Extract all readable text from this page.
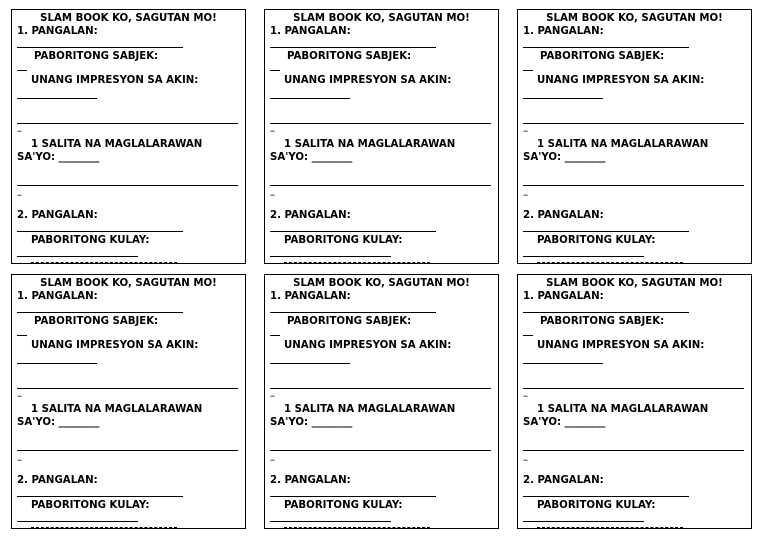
SLAM BOOK KO, SAGUTAN MO!
1. PANGALAN:
PABORITONG SABJEK:
UNANG IMPRESYON SA AKIN:
–
1 SALITA NA MAGLALARAWAN
SA'YO: ________
–
2. PANGALAN:
PABORITONG KULAY:
SLAM BOOK KO, SAGUTAN MO!
1. PANGALAN:
PABORITONG SABJEK:
UNANG IMPRESYON SA AKIN:
–
1 SALITA NA MAGLALARAWAN
SA'YO: ________
–
2. PANGALAN:
PABORITONG KULAY:
SLAM BOOK KO, SAGUTAN MO!
1. PANGALAN:
PABORITONG SABJEK:
UNANG IMPRESYON SA AKIN:
–
1 SALITA NA MAGLALARAWAN
SA'YO: ________
–
2. PANGALAN:
PABORITONG KULAY:
SLAM BOOK KO, SAGUTAN MO!
1. PANGALAN:
PABORITONG SABJEK:
UNANG IMPRESYON SA AKIN:
–
1 SALITA NA MAGLALARAWAN
SA'YO: ________
–
2. PANGALAN:
PABORITONG KULAY:
SLAM BOOK KO, SAGUTAN MO!
1. PANGALAN:
PABORITONG SABJEK:
UNANG IMPRESYON SA AKIN:
–
1 SALITA NA MAGLALARAWAN
SA'YO: ________
–
2. PANGALAN:
PABORITONG KULAY:
SLAM BOOK KO, SAGUTAN MO!
1. PANGALAN:
PABORITONG SABJEK:
UNANG IMPRESYON SA AKIN:
–
1 SALITA NA MAGLALARAWAN
SA'YO: ________
–
2. PANGALAN:
PABORITONG KULAY:
